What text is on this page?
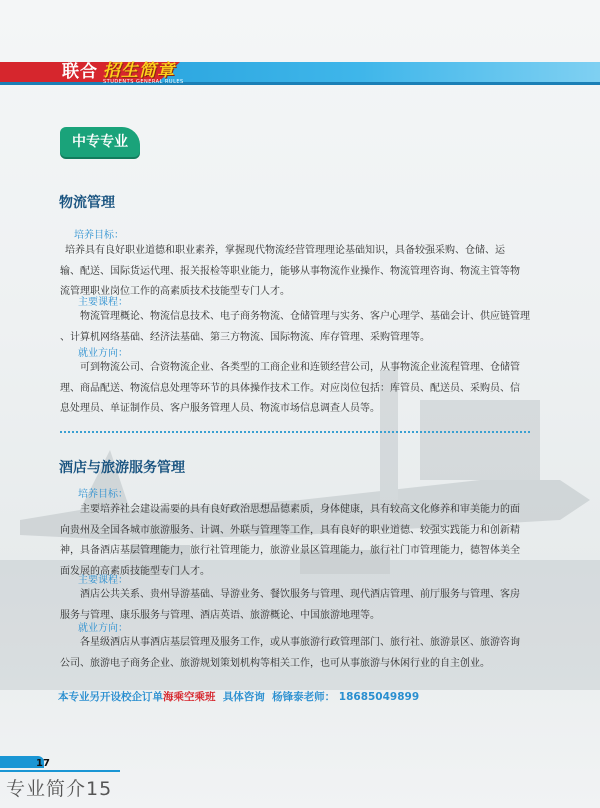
联合 招生简章
STUDENTS GENERAL RULES
中专专业
物流管理
培养目标：
培养具有良好职业道德和职业素养，掌握现代物流经营管理理论基础知识，具备较强采购、仓储、运
输、配送、国际货运代理、报关报检等职业能力，能够从事物流作业操作、物流管理咨询、物流主管等物
流管理职业岗位工作的高素质技术技能型专门人才。
主要课程：
物流管理概论、物流信息技术、电子商务物流、仓储管理与实务、客户心理学、基础会计、供应链管理
、计算机网络基础、经济法基础、第三方物流、国际物流、库存管理、采购管理等。
就业方向：
可到物流公司、合资物流企业、各类型的工商企业和连锁经营公司，从事物流企业流程管理、仓储管
理、商品配送、物流信息处理等环节的具体操作技术工作。对应岗位包括：库管员、配送员、采购员、信
息处理员、单证制作员、客户服务管理人员、物流市场信息调查人员等。
酒店与旅游服务管理
培养目标：
主要培养社会建设需要的具有良好政治思想品德素质，身体健康，具有较高文化修养和审美能力的面
向贵州及全国各城市旅游服务、计调、外联与管理等工作，具有良好的职业道德、较强实践能力和创新精
神，具备酒店基层管理能力，旅行社管理能力，旅游业景区管理能力，旅行社门市管理能力，德智体美全
面发展的高素质技能型专门人才。
主要课程：
酒店公共关系、贵州导游基础、导游业务、餐饮服务与管理、现代酒店管理、前厅服务与管理、客房
服务与管理、康乐服务与管理、酒店英语、旅游概论、中国旅游地理等。
就业方向：
各星级酒店从事酒店基层管理及服务工作，或从事旅游行政管理部门、旅行社、旅游景区、旅游咨询
公司、旅游电子商务企业、旅游规划策划机构等相关工作，也可从事旅游与休闲行业的自主创业。
本专业另开设校企订单海乘空乘班 具体咨询 杨锋泰老师： 18685049899
17
专业简介15
